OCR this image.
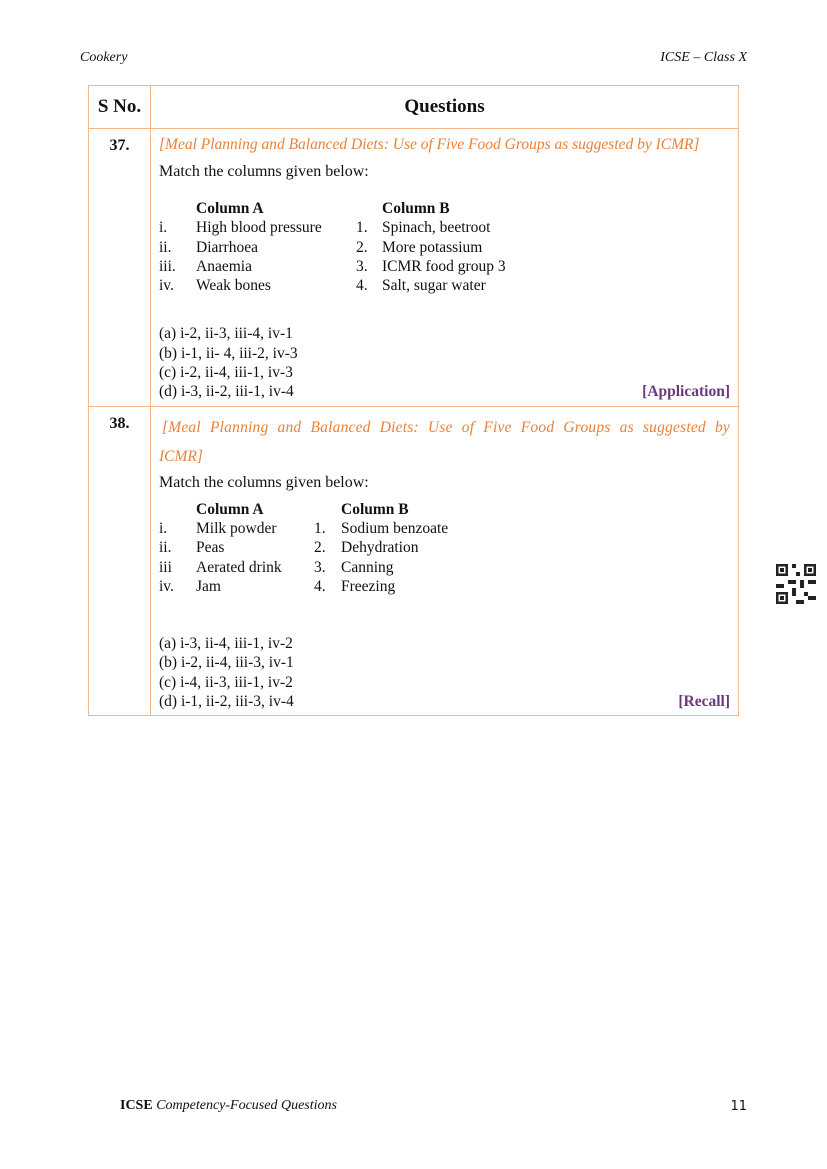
Cookery	ICSE – Class X
S No.	Questions
37.	[Meal Planning and Balanced Diets: Use of Five Food Groups as suggested by ICMR]
Match the columns given below:
	Column A		Column B
i.	High blood pressure	1.	Spinach, beetroot
ii.	Diarrhoea	2.	More potassium
iii.	Anaemia	3.	ICMR food group 3
iv.	Weak bones	4.	Salt, sugar water
(a) i-2, ii-3, iii-4, iv-1
(b) i-1, ii- 4, iii-2, iv-3
(c) i-2, ii-4, iii-1, iv-3
(d) i-3, ii-2, iii-1, iv-4	[Application]

38.	[Meal Planning and Balanced Diets: Use of Five Food Groups as suggested by
ICMR]
Match the columns given below:
	Column A		Column B
i.	Milk powder	1.	Sodium benzoate
ii.	Peas	2.	Dehydration
iii	Aerated drink	3.	Canning
iv.	Jam	4.	Freezing
(a) i-3, ii-4, iii-1, iv-2
(b) i-2, ii-4, iii-3, iv-1
(c) i-4, ii-3, iii-1, iv-2
(d) i-1, ii-2, iii-3, iv-4	[Recall]
ICSE Competency-Focused Questions	11
